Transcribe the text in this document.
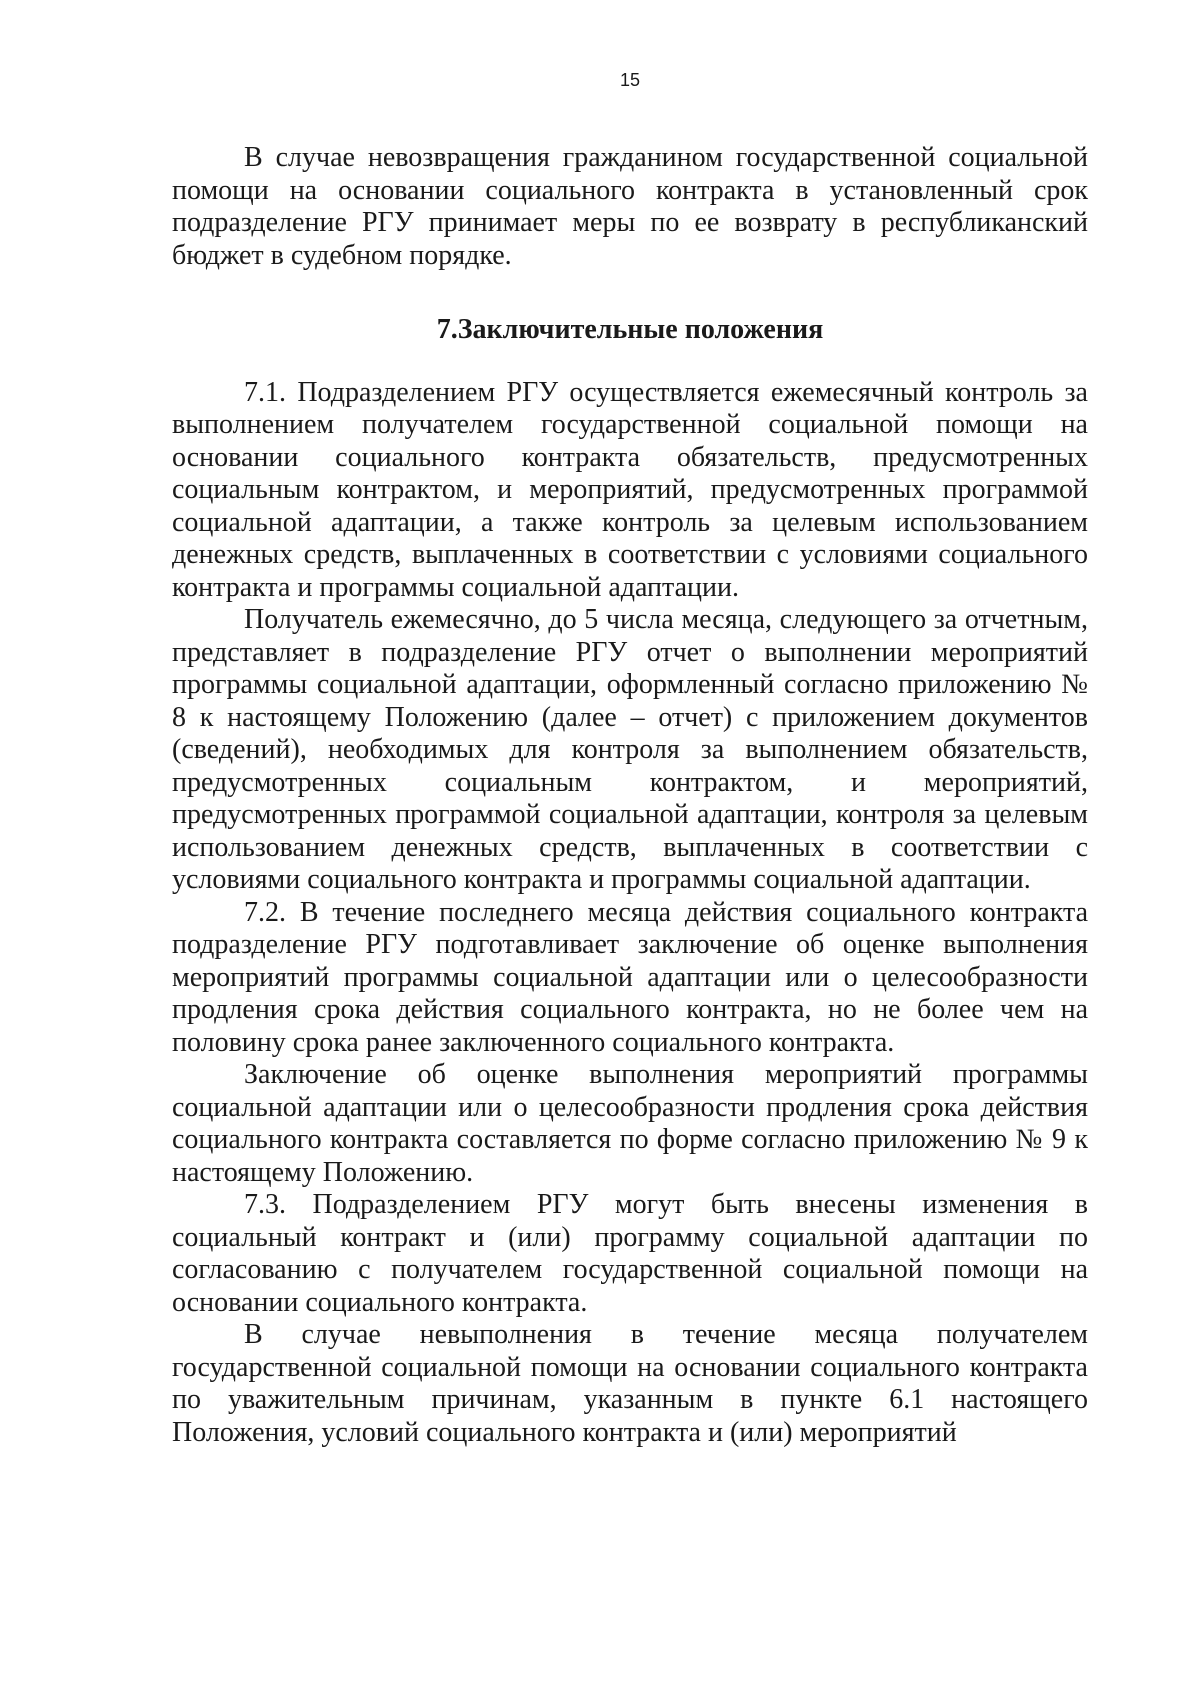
15

В случае невозвращения гражданином государственной социальной помощи на основании социального контракта в установленный срок подразделение РГУ принимает меры по ее возврату в республиканский бюджет в судебном порядке.

7.Заключительные положения

7.1. Подразделением РГУ осуществляется ежемесячный контроль за выполнением получателем государственной социальной помощи на основании социального контракта обязательств, предусмотренных социальным контрактом, и мероприятий, предусмотренных программой социальной адаптации, а также контроль за целевым использованием денежных средств, выплаченных в соответствии с условиями социального контракта и программы социальной адаптации.

Получатель ежемесячно, до 5 числа месяца, следующего за отчетным, представляет в подразделение РГУ отчет о выполнении мероприятий программы социальной адаптации, оформленный согласно приложению № 8 к настоящему Положению (далее – отчет) с приложением документов (сведений), необходимых для контроля за выполнением обязательств, предусмотренных социальным контрактом, и мероприятий, предусмотренных программой социальной адаптации, контроля за целевым использованием денежных средств, выплаченных в соответствии с условиями социального контракта и программы социальной адаптации.

7.2. В течение последнего месяца действия социального контракта подразделение РГУ подготавливает заключение об оценке выполнения мероприятий программы социальной адаптации или о целесообразности продления срока действия социального контракта, но не более чем на половину срока ранее заключенного социального контракта.

Заключение об оценке выполнения мероприятий программы социальной адаптации или о целесообразности продления срока действия социального контракта составляется по форме согласно приложению № 9 к настоящему Положению.

7.3. Подразделением РГУ могут быть внесены изменения в социальный контракт и (или) программу социальной адаптации по согласованию с получателем государственной социальной помощи на основании социального контракта.

В случае невыполнения в течение месяца получателем государственной социальной помощи на основании социального контракта по уважительным причинам, указанным в пункте 6.1 настоящего Положения, условий социального контракта и (или) мероприятий
